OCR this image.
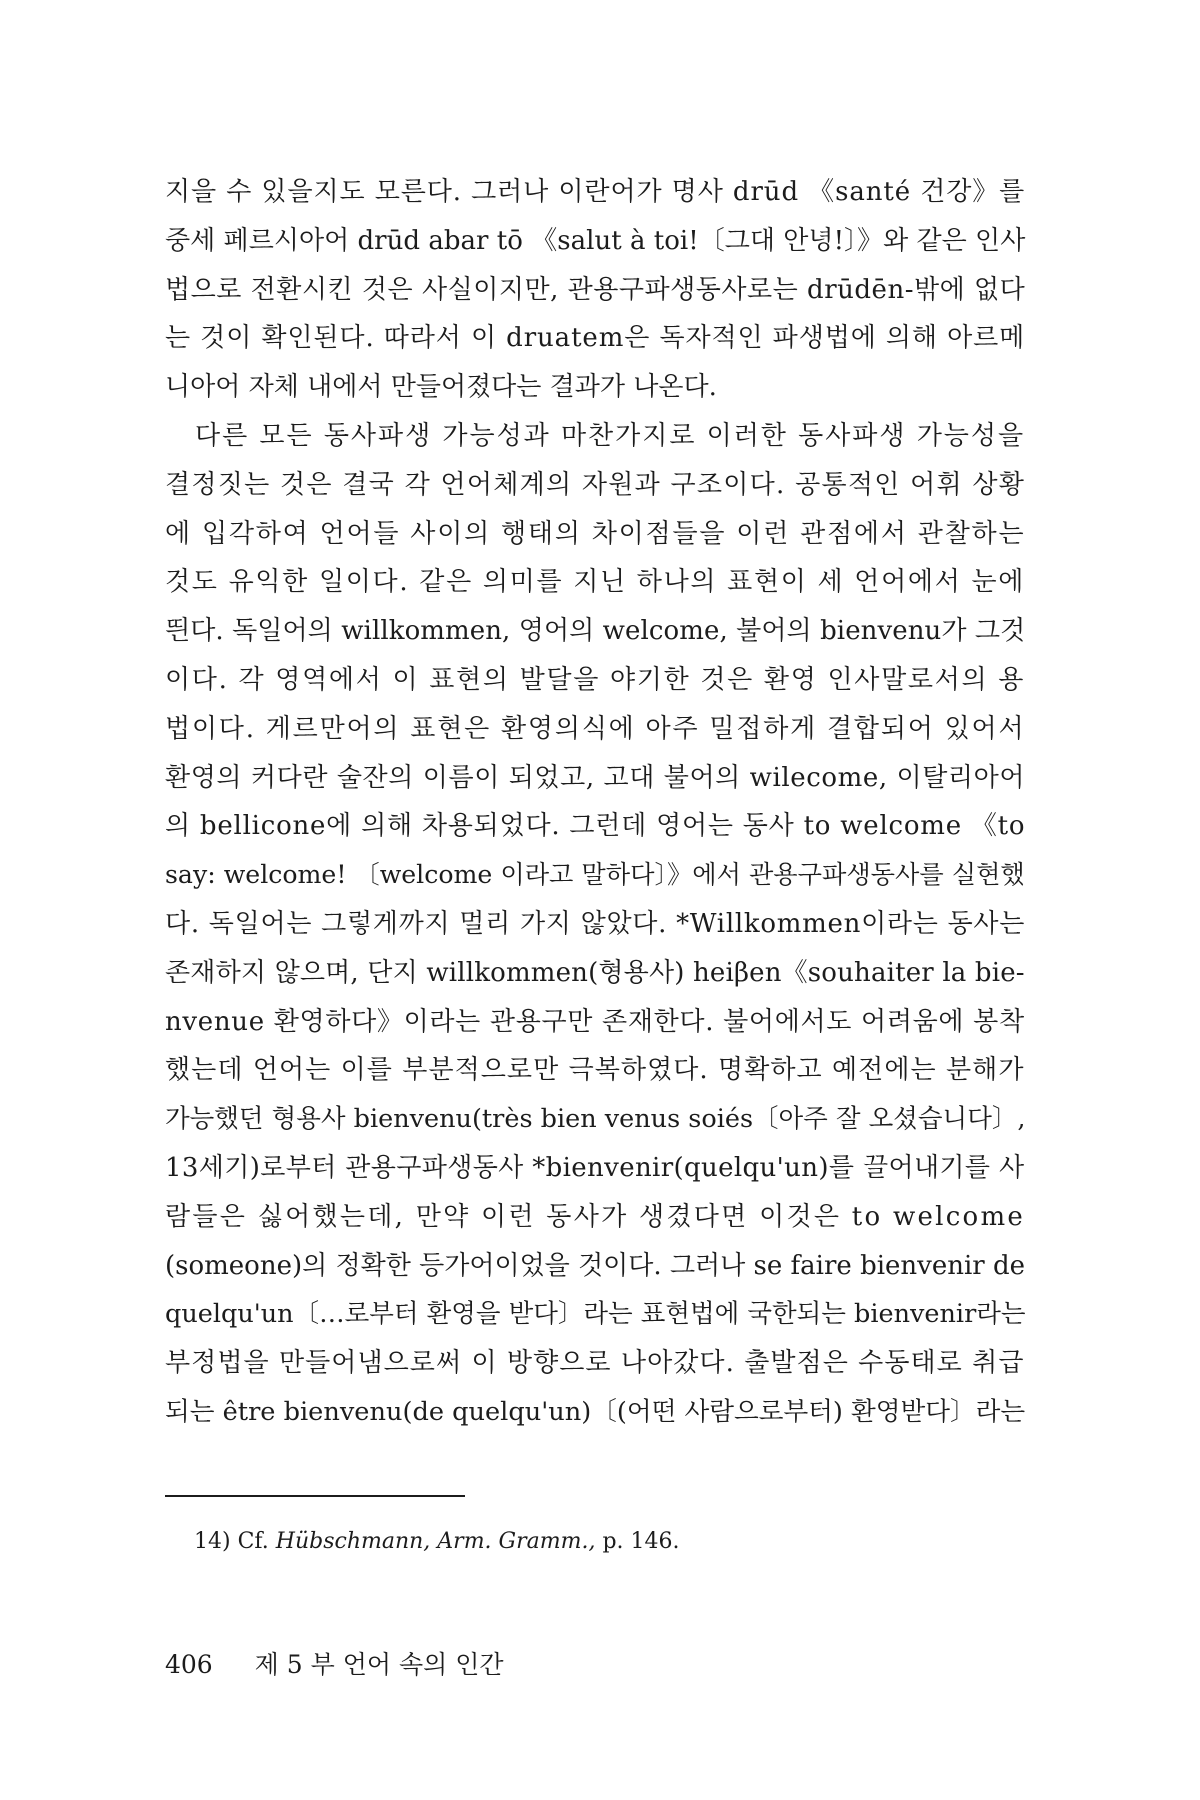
지을 수 있을지도 모른다. 그러나 이란어가 명사 drūd 《santé 건강》를
중세 페르시아어 drūd abar tō 《salut à toi!〔그대 안녕!〕》와 같은 인사
법으로 전환시킨 것은 사실이지만, 관용구파생동사로는 drūdēn-밖에 없다
는 것이 확인된다. 따라서 이 druatem은 독자적인 파생법에 의해 아르메
니아어 자체 내에서 만들어졌다는 결과가 나온다.
다른 모든 동사파생 가능성과 마찬가지로 이러한 동사파생 가능성을
결정짓는 것은 결국 각 언어체계의 자원과 구조이다. 공통적인 어휘 상황
에 입각하여 언어들 사이의 행태의 차이점들을 이런 관점에서 관찰하는
것도 유익한 일이다. 같은 의미를 지닌 하나의 표현이 세 언어에서 눈에
띈다. 독일어의 willkommen, 영어의 welcome, 불어의 bienvenu가 그것
이다. 각 영역에서 이 표현의 발달을 야기한 것은 환영 인사말로서의 용
법이다. 게르만어의 표현은 환영의식에 아주 밀접하게 결합되어 있어서
환영의 커다란 술잔의 이름이 되었고, 고대 불어의 wilecome, 이탈리아어
의 bellicone에 의해 차용되었다. 그런데 영어는 동사 to welcome 《to
say: welcome! 〔welcome 이라고 말하다〕》에서 관용구파생동사를 실현했
다. 독일어는 그렇게까지 멀리 가지 않았다. *Willkommen이라는 동사는
존재하지 않으며, 단지 willkommen(형용사) heiβen《souhaiter la bie-
nvenue 환영하다》이라는 관용구만 존재한다. 불어에서도 어려움에 봉착
했는데 언어는 이를 부분적으로만 극복하였다. 명확하고 예전에는 분해가
가능했던 형용사 bienvenu(très bien venus soiés〔아주 잘 오셨습니다〕,
13세기)로부터 관용구파생동사 *bienvenir(quelqu'un)를 끌어내기를 사
람들은 싫어했는데, 만약 이런 동사가 생겼다면 이것은 to welcome
(someone)의 정확한 등가어이었을 것이다. 그러나 se faire bienvenir de
quelqu'un〔…로부터 환영을 받다〕라는 표현법에 국한되는 bienvenir라는
부정법을 만들어냄으로써 이 방향으로 나아갔다. 출발점은 수동태로 취급
되는 être bienvenu(de quelqu'un)〔(어떤 사람으로부터) 환영받다〕라는
14) Cf. Hübschmann, Arm. Gramm., p. 146.
406 제 5 부 언어 속의 인간
